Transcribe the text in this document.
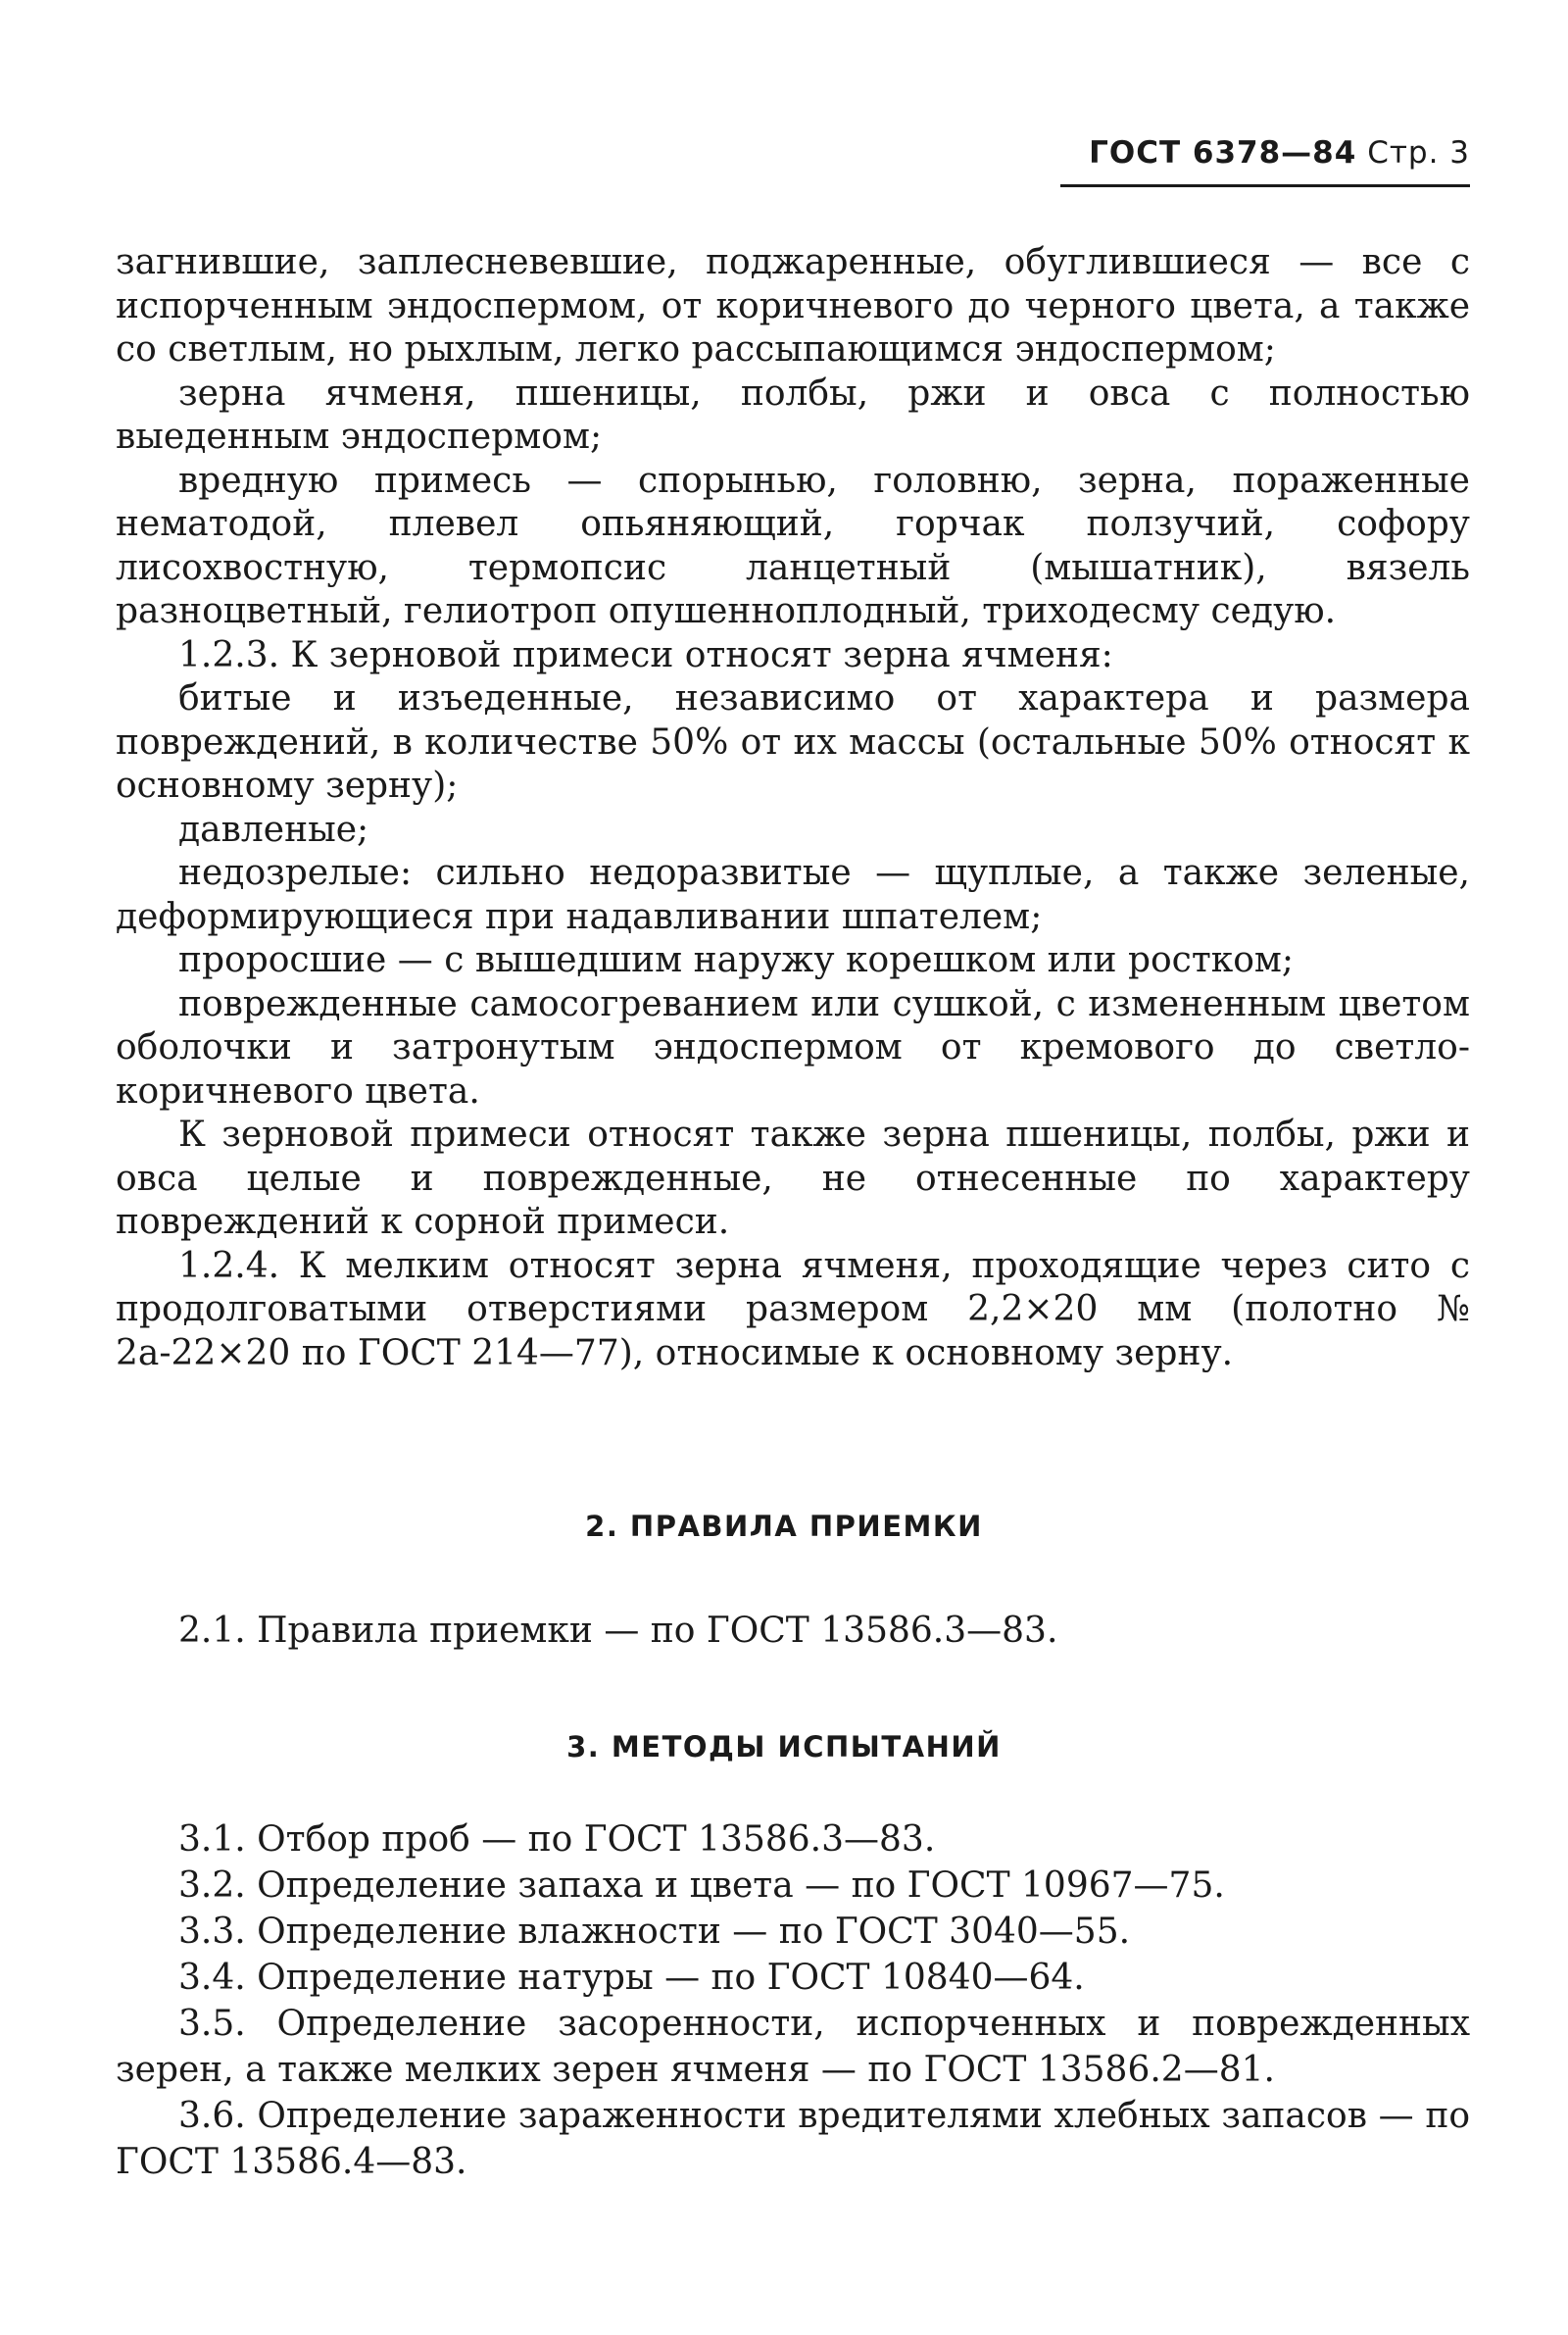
ГОСТ 6378—84 Стр. 3

загнившие, заплесневевшие, поджаренные, обуглившиеся — все с испорченным эндоспермом, от коричневого до черного цвета, а также со светлым, но рыхлым, легко рассыпающимся эндоспермом;

зерна ячменя, пшеницы, полбы, ржи и овса с полностью выеденным эндоспермом;

вредную примесь — спорынью, головню, зерна, пораженные нематодой, плевел опьяняющий, горчак ползучий, софору лисохвостную, термопсис ланцетный (мышатник), вязель разноцветный, гелиотроп опушенноплодный, триходесму седую.

1.2.3. К зерновой примеси относят зерна ячменя:

битые и изъеденные, независимо от характера и размера повреждений, в количестве 50% от их массы (остальные 50% относят к основному зерну);

давленые;

недозрелые: сильно недоразвитые — щуплые, а также зеленые, деформирующиеся при надавливании шпателем;

проросшие — с вышедшим наружу корешком или ростком;

поврежденные самосогреванием или сушкой, с измененным цветом оболочки и затронутым эндоспермом от кремового до светло-коричневого цвета.

К зерновой примеси относят также зерна пшеницы, полбы, ржи и овса целые и поврежденные, не отнесенные по характеру повреждений к сорной примеси.

1.2.4. К мелким относят зерна ячменя, проходящие через сито с продолговатыми отверстиями размером 2,2×20 мм (полотно № 2а-22×20 по ГОСТ 214—77), относимые к основному зерну.

2. ПРАВИЛА ПРИЕМКИ

2.1. Правила приемки — по ГОСТ 13586.3—83.

3. МЕТОДЫ ИСПЫТАНИЙ

3.1. Отбор проб — по ГОСТ 13586.3—83.

3.2. Определение запаха и цвета — по ГОСТ 10967—75.

3.3. Определение влажности — по ГОСТ 3040—55.

3.4. Определение натуры — по ГОСТ 10840—64.

3.5. Определение засоренности, испорченных и поврежденных зерен, а также мелких зерен ячменя — по ГОСТ 13586.2—81.

3.6. Определение зараженности вредителями хлебных запасов — по ГОСТ 13586.4—83.
